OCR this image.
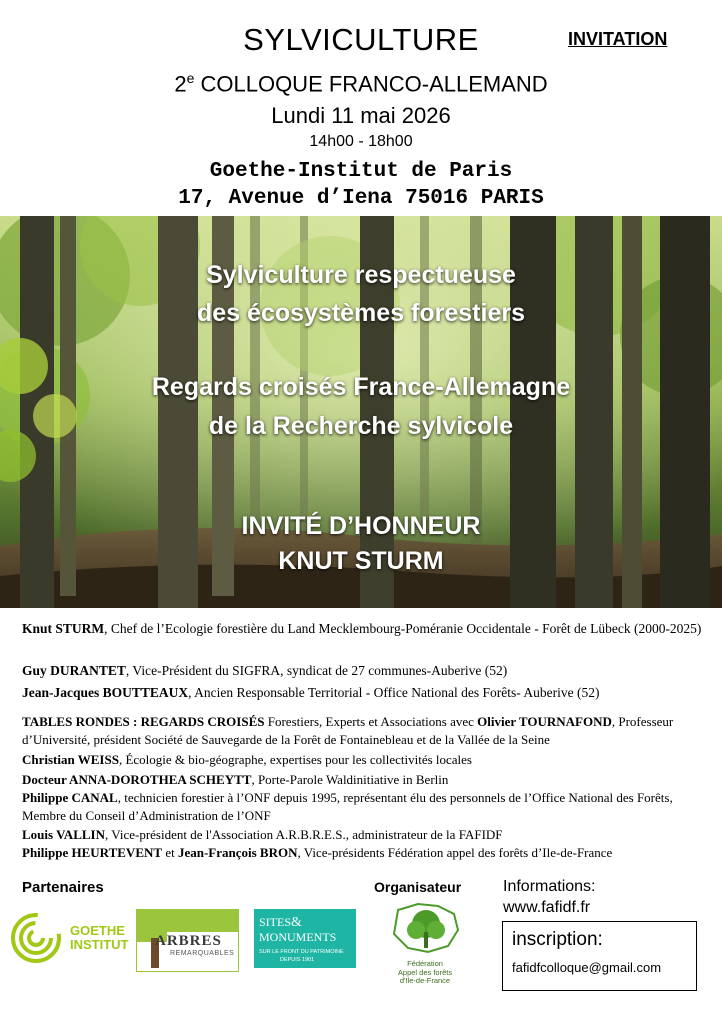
SYLVICULTURE	INVITATION
2e COLLOQUE FRANCO-ALLEMAND
Lundi 11 mai 2026
14h00 - 18h00
Goethe-Institut de Paris
17, Avenue d’Iena 75016 PARIS
Sylviculture respectueuse
des écosystèmes forestiers
Regards croisés France-Allemagne
de la Recherche sylvicole
INVITÉ D’HONNEUR
KNUT STURM
Knut STURM, Chef de l’Ecologie forestière du Land Mecklembourg-Poméranie Occidentale - Forêt de Lübeck (2000-2025)
Guy DURANTET, Vice-Président du SIGFRA, syndicat de 27 communes-Auberive (52)
Jean-Jacques BOUTTEAUX, Ancien Responsable Territorial - Office National des Forêts- Auberive (52)
TABLES RONDES : REGARDS CROISÉS Forestiers, Experts et Associations avec Olivier TOURNAFOND, Professeur d’Université, président Société de Sauvegarde de la Forêt de Fontainebleau et de la Vallée de la Seine
Christian WEISS, Écologie & bio-géographe, expertises pour les collectivités locales
Docteur ANNA-DOROTHEA SCHEYTT, Porte-Parole Waldinitiative in Berlin
Philippe CANAL, technicien forestier à l’ONF depuis 1995, représentant élu des personnels de l’Office National des Forêts, Membre du Conseil d’Administration de l’ONF
Louis VALLIN, Vice-président de l'Association A.R.B.R.E.S., administrateur de la FAFIDF
Philippe HEURTEVENT et Jean-François BRON, Vice-présidents Fédération appel des forêts d’Ile-de-France
Partenaires	Organisateur	Informations:
www.fafidf.fr
GOETHE
INSTITUT ARBRES
REMARQUABLES
SITES&
MONUMENTS
SUR LE FRONT DU PATRIMOINE
DEPUIS 1901	Fédération
Appel des forêts
d'Ile-de-France
inscription:
fafidfcolloque@gmail.com
